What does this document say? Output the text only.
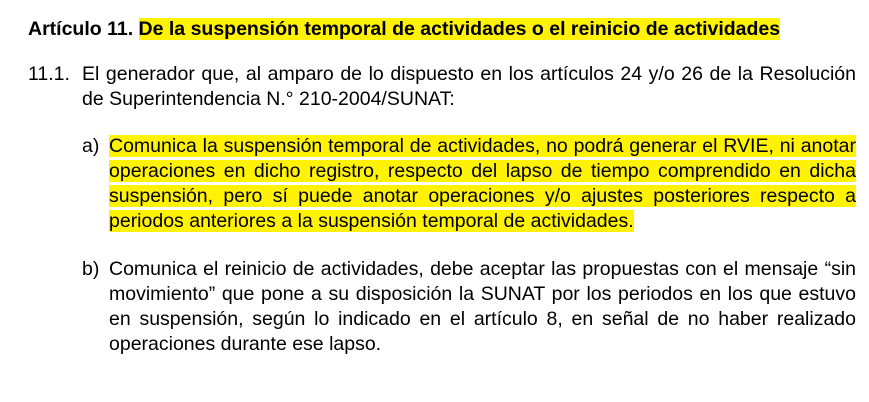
Artículo 11. De la suspensión temporal de actividades o el reinicio de actividades

11.1. El generador que, al amparo de lo dispuesto en los artículos 24 y/o 26 de la Resolución de Superintendencia N.° 210-2004/SUNAT:
a) Comunica la suspensión temporal de actividades, no podrá generar el RVIE, ni anotar operaciones en dicho registro, respecto del lapso de tiempo comprendido en dicha suspensión, pero sí puede anotar operaciones y/o ajustes posteriores respecto a periodos anteriores a la suspensión temporal de actividades.
b) Comunica el reinicio de actividades, debe aceptar las propuestas con el mensaje “sin movimiento” que pone a su disposición la SUNAT por los periodos en los que estuvo en suspensión, según lo indicado en el artículo 8, en señal de no haber realizado operaciones durante ese lapso.
